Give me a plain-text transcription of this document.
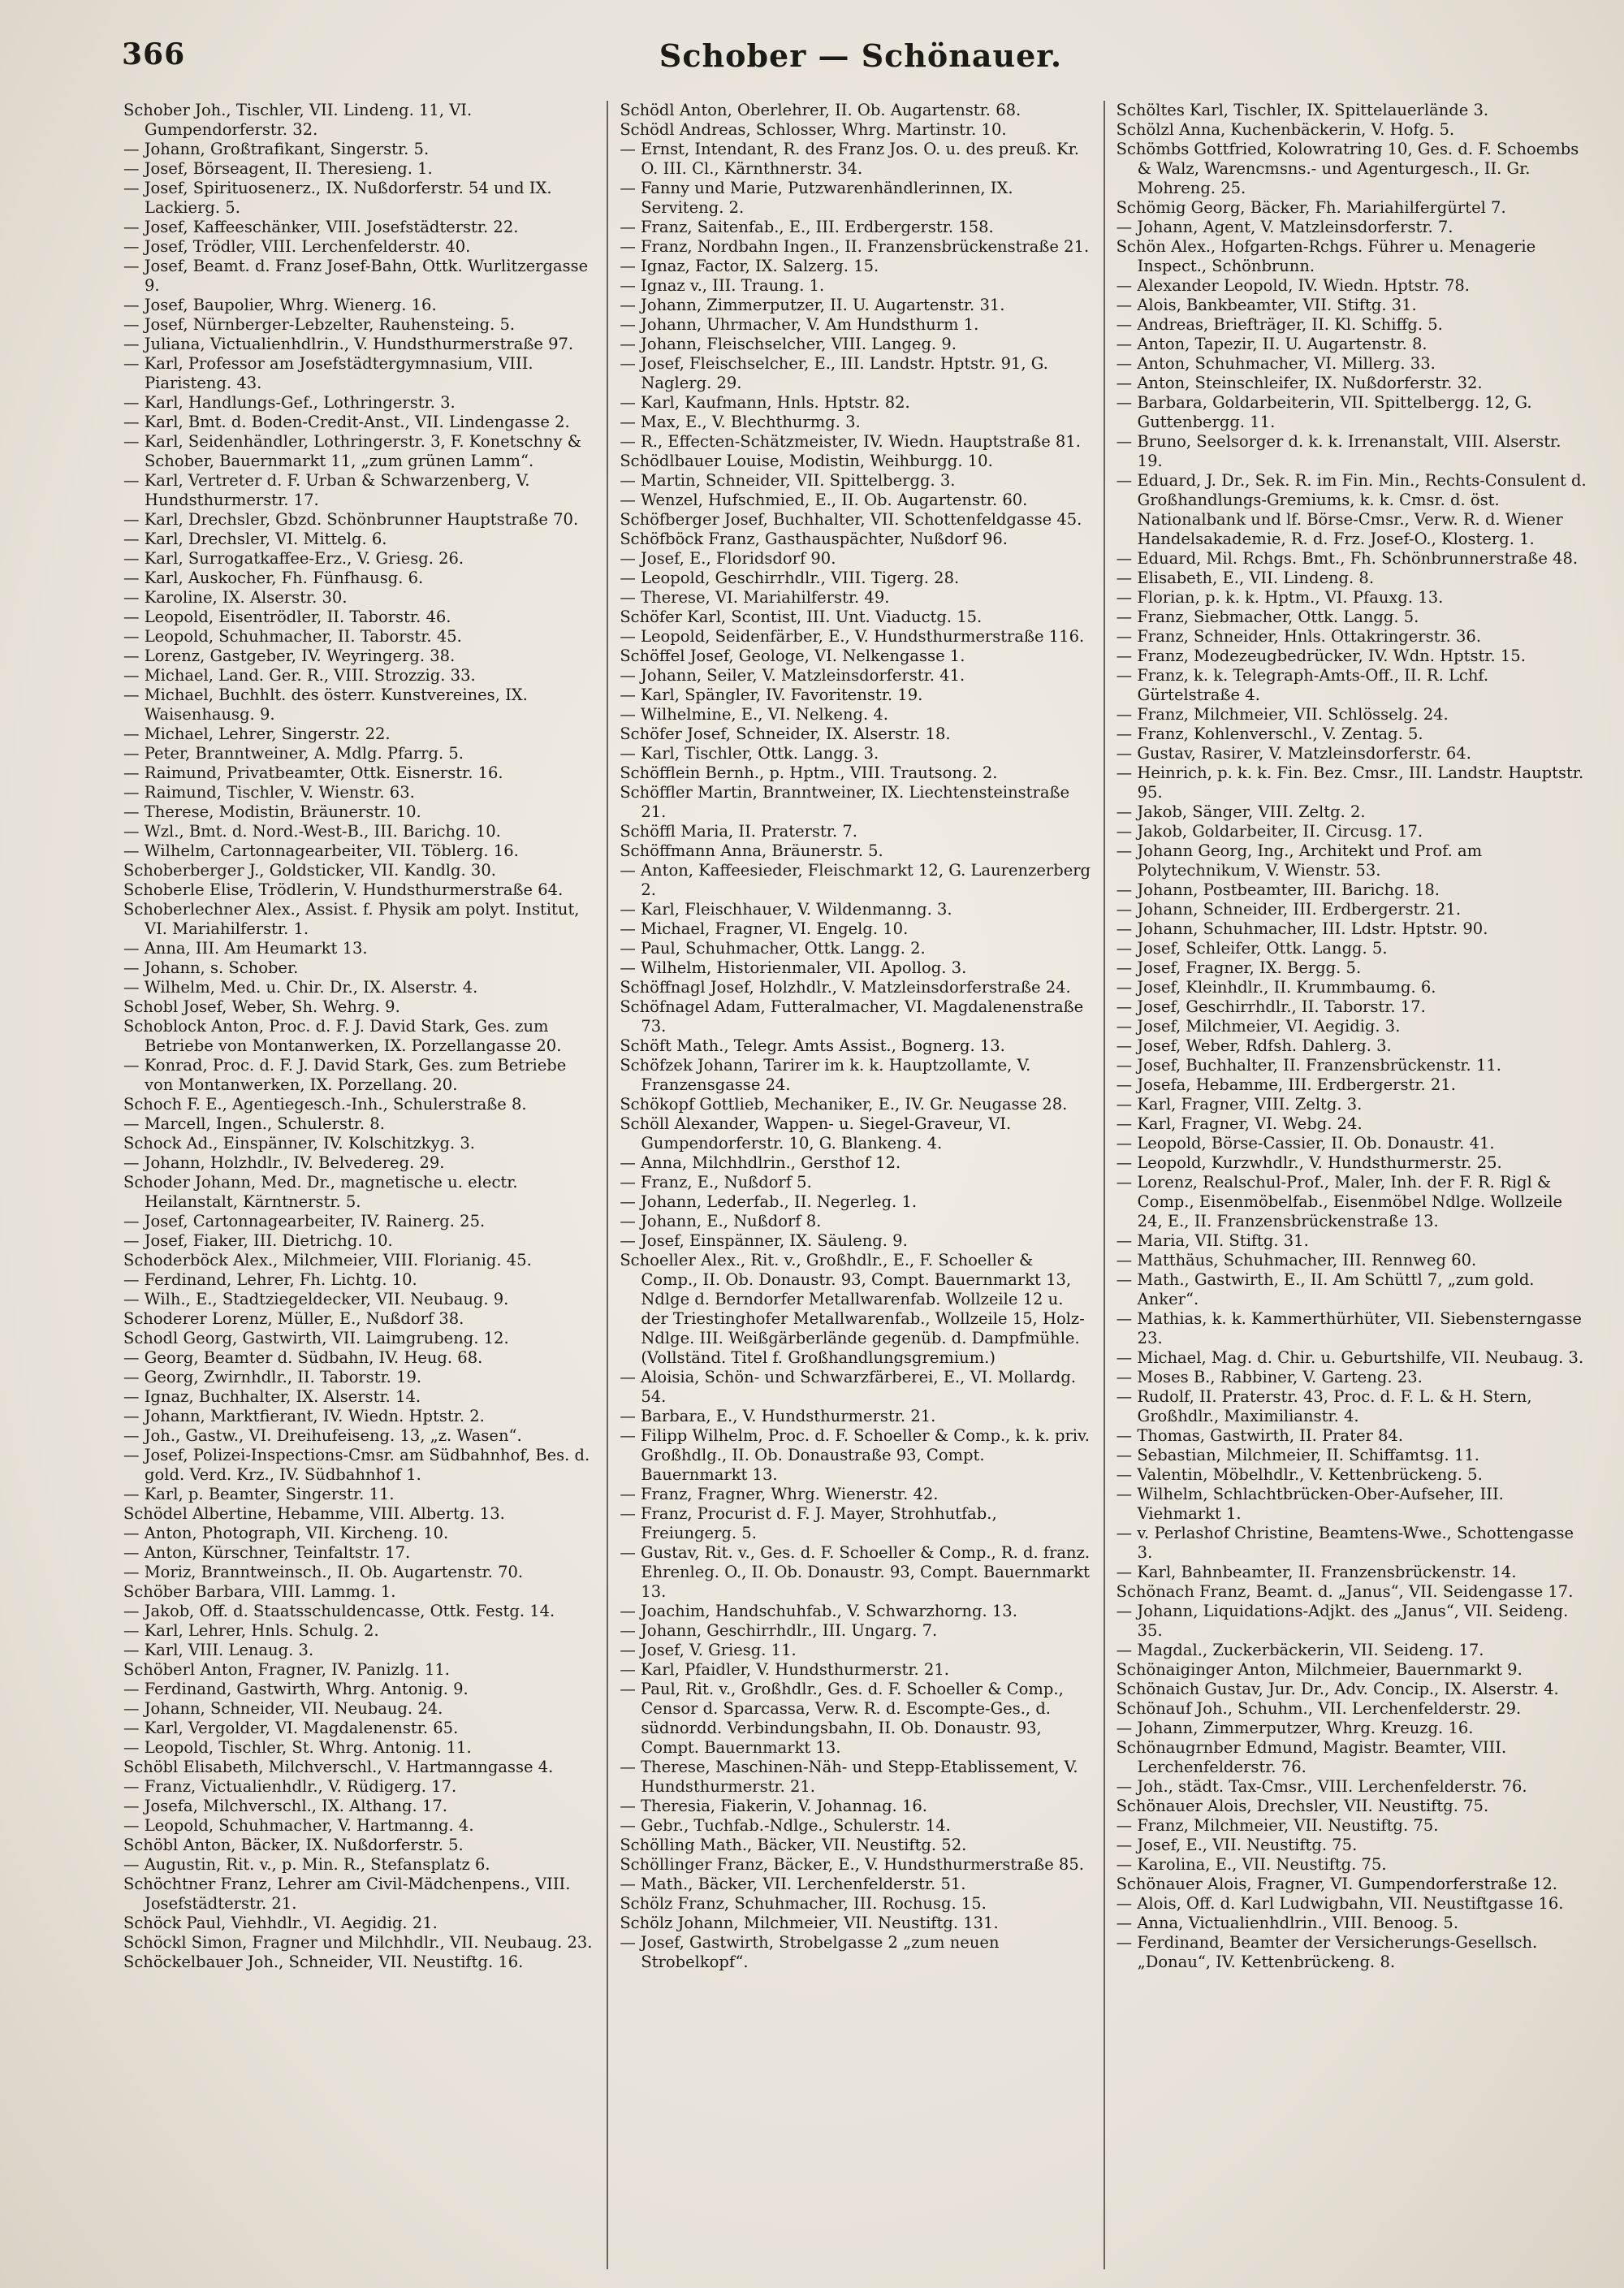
366	Schober — Schönauer.
Schober Joh., Tischler, VII. Lindeng. 11, VI. Gumpendorferstr. 32.
— Johann, Großtrafikant, Singerstr. 5.
— Josef, Börseagent, II. Theresieng. 1.
— Josef, Spirituosenerz., IX. Nußdorferstr. 54 und IX. Lackierg. 5.
— Josef, Kaffeeschänker, VIII. Josefstädterstr. 22.
— Josef, Trödler, VIII. Lerchenfelderstr. 40.
— Josef, Beamt. d. Franz Josef-Bahn, Ottk. Wurlitzergasse 9.
— Josef, Baupolier, Whrg. Wienerg. 16.
— Josef, Nürnberger-Lebzelter, Rauhensteing. 5.
— Juliana, Victualienhdlrin., V. Hundsthurmerstraße 97.
— Karl, Professor am Josefstädtergymnasium, VIII. Piaristeng. 43.
— Karl, Handlungs-Gef., Lothringerstr. 3.
— Karl, Bmt. d. Boden-Credit-Anst., VII. Lindengasse 2.
— Karl, Seidenhändler, Lothringerstr. 3, F. Konetschny & Schober, Bauernmarkt 11, „zum grünen Lamm“.
— Karl, Vertreter d. F. Urban & Schwarzenberg, V. Hundsthurmerstr. 17.
— Karl, Drechsler, Gbzd. Schönbrunner Hauptstraße 70.
— Karl, Drechsler, VI. Mittelg. 6.
— Karl, Surrogatkaffee-Erz., V. Griesg. 26.
— Karl, Auskocher, Fh. Fünfhausg. 6.
— Karoline, IX. Alserstr. 30.
— Leopold, Eisentrödler, II. Taborstr. 46.
— Leopold, Schuhmacher, II. Taborstr. 45.
— Lorenz, Gastgeber, IV. Weyringerg. 38.
— Michael, Land. Ger. R., VIII. Strozzig. 33.
— Michael, Buchhlt. des österr. Kunstvereines, IX. Waisenhausg. 9.
— Michael, Lehrer, Singerstr. 22.
— Peter, Branntweiner, A. Mdlg. Pfarrg. 5.
— Raimund, Privatbeamter, Ottk. Eisnerstr. 16.
— Raimund, Tischler, V. Wienstr. 63.
— Therese, Modistin, Bräunerstr. 10.
— Wzl., Bmt. d. Nord.-West-B., III. Barichg. 10.
— Wilhelm, Cartonnagearbeiter, VII. Töblerg. 16.
Schoberberger J., Goldsticker, VII. Kandlg. 30.
Schoberle Elise, Trödlerin, V. Hundsthurmerstraße 64.
Schoberlechner Alex., Assist. f. Physik am polyt. Institut, VI. Mariahilferstr. 1.
— Anna, III. Am Heumarkt 13.
— Johann, s. Schober.
— Wilhelm, Med. u. Chir. Dr., IX. Alserstr. 4.
Schobl Josef, Weber, Sh. Wehrg. 9.
Schoblock Anton, Proc. d. F. J. David Stark, Ges. zum Betriebe von Montanwerken, IX. Porzellangasse 20.
— Konrad, Proc. d. F. J. David Stark, Ges. zum Betriebe von Montanwerken, IX. Porzellang. 20.
Schoch F. E., Agentiegesch.-Inh., Schulerstraße 8.
— Marcell, Ingen., Schulerstr. 8.
Schock Ad., Einspänner, IV. Kolschitzkyg. 3.
— Johann, Holzhdlr., IV. Belvedereg. 29.
Schoder Johann, Med. Dr., magnetische u. electr. Heilanstalt, Kärntnerstr. 5.
— Josef, Cartonnagearbeiter, IV. Rainerg. 25.
— Josef, Fiaker, III. Dietrichg. 10.
Schoderböck Alex., Milchmeier, VIII. Florianig. 45.
— Ferdinand, Lehrer, Fh. Lichtg. 10.
— Wilh., E., Stadtziegeldecker, VII. Neubaug. 9.
Schoderer Lorenz, Müller, E., Nußdorf 38.
Schodl Georg, Gastwirth, VII. Laimgrubeng. 12.
— Georg, Beamter d. Südbahn, IV. Heug. 68.
— Georg, Zwirnhdlr., II. Taborstr. 19.
— Ignaz, Buchhalter, IX. Alserstr. 14.
— Johann, Marktfierant, IV. Wiedn. Hptstr. 2.
— Joh., Gastw., VI. Dreihufeiseng. 13, „z. Wasen“.
— Josef, Polizei-Inspections-Cmsr. am Südbahnhof, Bes. d. gold. Verd. Krz., IV. Südbahnhof 1.
— Karl, p. Beamter, Singerstr. 11.
Schödel Albertine, Hebamme, VIII. Albertg. 13.
— Anton, Photograph, VII. Kircheng. 10.
— Anton, Kürschner, Teinfaltstr. 17.
— Moriz, Branntweinsch., II. Ob. Augartenstr. 70.
Schöber Barbara, VIII. Lammg. 1.
— Jakob, Off. d. Staatsschuldencasse, Ottk. Festg. 14.
— Karl, Lehrer, Hnls. Schulg. 2.
— Karl, VIII. Lenaug. 3.
Schöberl Anton, Fragner, IV. Panizlg. 11.
— Ferdinand, Gastwirth, Whrg. Antonig. 9.
— Johann, Schneider, VII. Neubaug. 24.
— Karl, Vergolder, VI. Magdalenenstr. 65.
— Leopold, Tischler, St. Whrg. Antonig. 11.
Schöbl Elisabeth, Milchverschl., V. Hartmanngasse 4.
— Franz, Victualienhdlr., V. Rüdigerg. 17.
— Josefa, Milchverschl., IX. Althang. 17.
— Leopold, Schuhmacher, V. Hartmanng. 4.
Schöbl Anton, Bäcker, IX. Nußdorferstr. 5.
— Augustin, Rit. v., p. Min. R., Stefansplatz 6.
Schöchtner Franz, Lehrer am Civil-Mädchenpens., VIII. Josefstädterstr. 21.
Schöck Paul, Viehhdlr., VI. Aegidig. 21.
Schöckl Simon, Fragner und Milchhdlr., VII. Neubaug. 23.
Schöckelbauer Joh., Schneider, VII. Neustiftg. 16.
Schödl Anton, Oberlehrer, II. Ob. Augartenstr. 68.
Schödl Andreas, Schlosser, Whrg. Martinstr. 10.
— Ernst, Intendant, R. des Franz Jos. O. u. des preuß. Kr. O. III. Cl., Kärnthnerstr. 34.
— Fanny und Marie, Putzwarenhändlerinnen, IX. Serviteng. 2.
— Franz, Saitenfab., E., III. Erdbergerstr. 158.
— Franz, Nordbahn Ingen., II. Franzensbrückenstraße 21.
— Ignaz, Factor, IX. Salzerg. 15.
— Ignaz v., III. Traung. 1.
— Johann, Zimmerputzer, II. U. Augartenstr. 31.
— Johann, Uhrmacher, V. Am Hundsthurm 1.
— Johann, Fleischselcher, VIII. Langeg. 9.
— Josef, Fleischselcher, E., III. Landstr. Hptstr. 91, G. Naglerg. 29.
— Karl, Kaufmann, Hnls. Hptstr. 82.
— Max, E., V. Blechthurmg. 3.
— R., Effecten-Schätzmeister, IV. Wiedn. Hauptstraße 81.
Schödlbauer Louise, Modistin, Weihburgg. 10.
— Martin, Schneider, VII. Spittelbergg. 3.
— Wenzel, Hufschmied, E., II. Ob. Augartenstr. 60.
Schöfberger Josef, Buchhalter, VII. Schottenfeldgasse 45.
Schöfböck Franz, Gasthauspächter, Nußdorf 96.
— Josef, E., Floridsdorf 90.
— Leopold, Geschirrhdlr., VIII. Tigerg. 28.
— Therese, VI. Mariahilferstr. 49.
Schöfer Karl, Scontist, III. Unt. Viaductg. 15.
— Leopold, Seidenfärber, E., V. Hundsthurmerstraße 116.
Schöffel Josef, Geologe, VI. Nelkengasse 1.
— Johann, Seiler, V. Matzleinsdorferstr. 41.
— Karl, Spängler, IV. Favoritenstr. 19.
— Wilhelmine, E., VI. Nelkeng. 4.
Schöfer Josef, Schneider, IX. Alserstr. 18.
— Karl, Tischler, Ottk. Langg. 3.
Schöfflein Bernh., p. Hptm., VIII. Trautsong. 2.
Schöffler Martin, Branntweiner, IX. Liechtensteinstraße 21.
Schöffl Maria, II. Praterstr. 7.
Schöffmann Anna, Bräunerstr. 5.
— Anton, Kaffeesieder, Fleischmarkt 12, G. Laurenzerberg 2.
— Karl, Fleischhauer, V. Wildenmanng. 3.
— Michael, Fragner, VI. Engelg. 10.
— Paul, Schuhmacher, Ottk. Langg. 2.
— Wilhelm, Historienmaler, VII. Apollog. 3.
Schöffnagl Josef, Holzhdlr., V. Matzleinsdorferstraße 24.
Schöfnagel Adam, Futteralmacher, VI. Magdalenenstraße 73.
Schöft Math., Telegr. Amts Assist., Bognerg. 13.
Schöfzek Johann, Tarirer im k. k. Hauptzollamte, V. Franzensgasse 24.
Schökopf Gottlieb, Mechaniker, E., IV. Gr. Neugasse 28.
Schöll Alexander, Wappen- u. Siegel-Graveur, VI. Gumpendorferstr. 10, G. Blankeng. 4.
— Anna, Milchhdlrin., Gersthof 12.
— Franz, E., Nußdorf 5.
— Johann, Lederfab., II. Negerleg. 1.
— Johann, E., Nußdorf 8.
— Josef, Einspänner, IX. Säuleng. 9.
Schoeller Alex., Rit. v., Großhdlr., E., F. Schoeller & Comp., II. Ob. Donaustr. 93, Compt. Bauernmarkt 13, Ndlge d. Berndorfer Metallwarenfab. Wollzeile 12 u. der Triestinghofer Metallwarenfab., Wollzeile 15, Holz-Ndlge. III. Weißgärberlände gegenüb. d. Dampfmühle. (Vollständ. Titel f. Großhandlungsgremium.)
— Aloisia, Schön- und Schwarzfärberei, E., VI. Mollardg. 54.
— Barbara, E., V. Hundsthurmerstr. 21.
— Filipp Wilhelm, Proc. d. F. Schoeller & Comp., k. k. priv. Großhdlg., II. Ob. Donaustraße 93, Compt. Bauernmarkt 13.
— Franz, Fragner, Whrg. Wienerstr. 42.
— Franz, Procurist d. F. J. Mayer, Strohhutfab., Freiungerg. 5.
— Gustav, Rit. v., Ges. d. F. Schoeller & Comp., R. d. franz. Ehrenleg. O., II. Ob. Donaustr. 93, Compt. Bauernmarkt 13.
— Joachim, Handschuhfab., V. Schwarzhorng. 13.
— Johann, Geschirrhdlr., III. Ungarg. 7.
— Josef, V. Griesg. 11.
— Karl, Pfaidler, V. Hundsthurmerstr. 21.
— Paul, Rit. v., Großhdlr., Ges. d. F. Schoeller & Comp., Censor d. Sparcassa, Verw. R. d. Escompte-Ges., d. südnordd. Verbindungsbahn, II. Ob. Donaustr. 93, Compt. Bauernmarkt 13.
— Therese, Maschinen-Näh- und Stepp-Etablissement, V. Hundsthurmerstr. 21.
— Theresia, Fiakerin, V. Johannag. 16.
— Gebr., Tuchfab.-Ndlge., Schulerstr. 14.
Schölling Math., Bäcker, VII. Neustiftg. 52.
Schöllinger Franz, Bäcker, E., V. Hundsthurmerstraße 85.
— Math., Bäcker, VII. Lerchenfelderstr. 51.
Schölz Franz, Schuhmacher, III. Rochusg. 15.
Schölz Johann, Milchmeier, VII. Neustiftg. 131.
— Josef, Gastwirth, Strobelgasse 2 „zum neuen Strobelkopf“.
Schöltes Karl, Tischler, IX. Spittelauerlände 3.
Schölzl Anna, Kuchenbäckerin, V. Hofg. 5.
Schömbs Gottfried, Kolowratring 10, Ges. d. F. Schoembs & Walz, Warencmsns.- und Agenturgesch., II. Gr. Mohreng. 25.
Schömig Georg, Bäcker, Fh. Mariahilfergürtel 7.
— Johann, Agent, V. Matzleinsdorferstr. 7.
Schön Alex., Hofgarten-Rchgs. Führer u. Menagerie Inspect., Schönbrunn.
— Alexander Leopold, IV. Wiedn. Hptstr. 78.
— Alois, Bankbeamter, VII. Stiftg. 31.
— Andreas, Briefträger, II. Kl. Schiffg. 5.
— Anton, Tapezir, II. U. Augartenstr. 8.
— Anton, Schuhmacher, VI. Millerg. 33.
— Anton, Steinschleifer, IX. Nußdorferstr. 32.
— Barbara, Goldarbeiterin, VII. Spittelbergg. 12, G. Guttenbergg. 11.
— Bruno, Seelsorger d. k. k. Irrenanstalt, VIII. Alserstr. 19.
— Eduard, J. Dr., Sek. R. im Fin. Min., Rechts-Consulent d. Großhandlungs-Gremiums, k. k. Cmsr. d. öst. Nationalbank und lf. Börse-Cmsr., Verw. R. d. Wiener Handelsakademie, R. d. Frz. Josef-O., Klosterg. 1.
— Eduard, Mil. Rchgs. Bmt., Fh. Schönbrunnerstraße 48.
— Elisabeth, E., VII. Lindeng. 8.
— Florian, p. k. k. Hptm., VI. Pfauxg. 13.
— Franz, Siebmacher, Ottk. Langg. 5.
— Franz, Schneider, Hnls. Ottakringerstr. 36.
— Franz, Modezeugbedrücker, IV. Wdn. Hptstr. 15.
— Franz, k. k. Telegraph-Amts-Off., II. R. Lchf. Gürtelstraße 4.
— Franz, Milchmeier, VII. Schlösselg. 24.
— Franz, Kohlenverschl., V. Zentag. 5.
— Gustav, Rasirer, V. Matzleinsdorferstr. 64.
— Heinrich, p. k. k. Fin. Bez. Cmsr., III. Landstr. Hauptstr. 95.
— Jakob, Sänger, VIII. Zeltg. 2.
— Jakob, Goldarbeiter, II. Circusg. 17.
— Johann Georg, Ing., Architekt und Prof. am Polytechnikum, V. Wienstr. 53.
— Johann, Postbeamter, III. Barichg. 18.
— Johann, Schneider, III. Erdbergerstr. 21.
— Johann, Schuhmacher, III. Ldstr. Hptstr. 90.
— Josef, Schleifer, Ottk. Langg. 5.
— Josef, Fragner, IX. Bergg. 5.
— Josef, Kleinhdlr., II. Krummbaumg. 6.
— Josef, Geschirrhdlr., II. Taborstr. 17.
— Josef, Milchmeier, VI. Aegidig. 3.
— Josef, Weber, Rdfsh. Dahlerg. 3.
— Josef, Buchhalter, II. Franzensbrückenstr. 11.
— Josefa, Hebamme, III. Erdbergerstr. 21.
— Karl, Fragner, VIII. Zeltg. 3.
— Karl, Fragner, VI. Webg. 24.
— Leopold, Börse-Cassier, II. Ob. Donaustr. 41.
— Leopold, Kurzwhdlr., V. Hundsthurmerstr. 25.
— Lorenz, Realschul-Prof., Maler, Inh. der F. R. Rigl & Comp., Eisenmöbelfab., Eisenmöbel Ndlge. Wollzeile 24, E., II. Franzensbrückenstraße 13.
— Maria, VII. Stiftg. 31.
— Matthäus, Schuhmacher, III. Rennweg 60.
— Math., Gastwirth, E., II. Am Schüttl 7, „zum gold. Anker“.
— Mathias, k. k. Kammerthürhüter, VII. Siebensterngasse 23.
— Michael, Mag. d. Chir. u. Geburtshilfe, VII. Neubaug. 3.
— Moses B., Rabbiner, V. Garteng. 23.
— Rudolf, II. Praterstr. 43, Proc. d. F. L. & H. Stern, Großhdlr., Maximilianstr. 4.
— Thomas, Gastwirth, II. Prater 84.
— Sebastian, Milchmeier, II. Schiffamtsg. 11.
— Valentin, Möbelhdlr., V. Kettenbrückeng. 5.
— Wilhelm, Schlachtbrücken-Ober-Aufseher, III. Viehmarkt 1.
— v. Perlashof Christine, Beamtens-Wwe., Schottengasse 3.
— Karl, Bahnbeamter, II. Franzensbrückenstr. 14.
Schönach Franz, Beamt. d. „Janus“, VII. Seidengasse 17.
— Johann, Liquidations-Adjkt. des „Janus“, VII. Seideng. 35.
— Magdal., Zuckerbäckerin, VII. Seideng. 17.
Schönaiginger Anton, Milchmeier, Bauernmarkt 9.
Schönaich Gustav, Jur. Dr., Adv. Concip., IX. Alserstr. 4.
Schönauf Joh., Schuhm., VII. Lerchenfelderstr. 29.
— Johann, Zimmerputzer, Whrg. Kreuzg. 16.
Schönaugrnber Edmund, Magistr. Beamter, VIII. Lerchenfelderstr. 76.
— Joh., städt. Tax-Cmsr., VIII. Lerchenfelderstr. 76.
Schönauer Alois, Drechsler, VII. Neustiftg. 75.
— Franz, Milchmeier, VII. Neustiftg. 75.
— Josef, E., VII. Neustiftg. 75.
— Karolina, E., VII. Neustiftg. 75.
Schönauer Alois, Fragner, VI. Gumpendorferstraße 12.
— Alois, Off. d. Karl Ludwigbahn, VII. Neustiftgasse 16.
— Anna, Victualienhdlrin., VIII. Benoog. 5.
— Ferdinand, Beamter der Versicherungs-Gesellsch. „Donau“, IV. Kettenbrückeng. 8.
